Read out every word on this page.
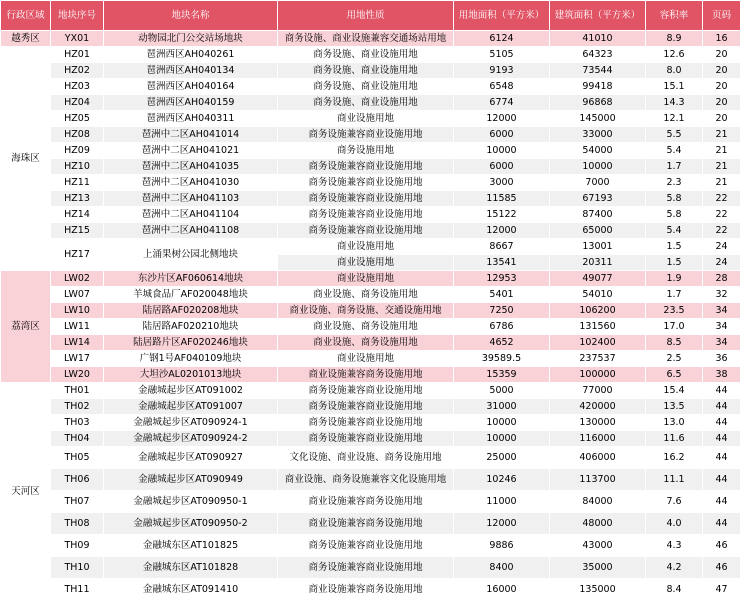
行政区域	地块序号	地块名称	用地性质	用地面积（平方米）	建筑面积（平方米）	容积率	页码
越秀区	YX01	动物园北门公交站场地块	商务设施、商业设施兼容交通场站用地	6124	41010	8.9	16
海珠区	HZ01	琶洲西区AH040261	商务设施、商业设施用地	5105	64323	12.6	20
	HZ02	琶洲西区AH040134	商务设施、商业设施用地	9193	73544	8.0	20
	HZ03	琶洲西区AH040164	商务设施、商业设施用地	6548	99418	15.1	20
	HZ04	琶洲西区AH040159	商务设施、商业设施用地	6774	96868	14.3	20
	HZ05	琶洲西区AH040311	商业设施用地	12000	145000	12.1	20
	HZ08	琶洲中二区AH041014	商务设施兼容商业设施用地	6000	33000	5.5	21
	HZ09	琶洲中二区AH041021	商务设施用地	10000	54000	5.4	21
	HZ10	琶洲中二区AH041035	商务设施兼容商业设施用地	6000	10000	1.7	21
	HZ11	琶洲中二区AH041030	商务设施兼容商业设施用地	3000	7000	2.3	21
	HZ13	琶洲中二区AH041103	商务设施兼容商业设施用地	11585	67193	5.8	22
	HZ14	琶洲中二区AH041104	商务设施兼容商业设施用地	15122	87400	5.8	22
	HZ15	琶洲中二区AH041108	商务设施兼容商业设施用地	12000	65000	5.4	22
	HZ17	上涌果树公园北侧地块	商业设施用地	8667	13001	1.5	24
			商业设施用地	13541	20311	1.5	24
荔湾区	LW02	东沙片区AF060614地块	商业设施用地	12953	49077	1.9	28
	LW07	羊城食品厂AF020048地块	商业设施、商务设施用地	5401	54010	1.7	32
	LW10	陆居路AF020208地块	商业设施、商务设施、交通设施用地	7250	106200	23.5	34
	LW11	陆居路AF020210地块	商业设施、商务设施用地	6786	131560	17.0	34
	LW14	陆居路片区AF020246地块	商业设施、商务设施用地	4652	102400	8.5	34
	LW17	广钢1号AF040109地块	商业设施用地	39589.5	237537	2.5	36
	LW20	大坦沙AL0201013地块	商业设施兼容商务设施用地	15359	100000	6.5	38
天河区	TH01	金融城起步区AT091002	商务设施兼容商业设施用地	5000	77000	15.4	44
	TH02	金融城起步区AT091007	商务设施兼容商业设施用地	31000	420000	13.5	44
	TH03	金融城起步区AT090924-1	商务设施兼容商业设施用地	10000	130000	13.0	44
	TH04	金融城起步区AT090924-2	商务设施兼容商业设施用地	10000	116000	11.6	44
	TH05	金融城起步区AT090927	文化设施、商业设施、商务设施用地	25000	406000	16.2	44
	TH06	金融城起步区AT090949	商业设施、商务设施兼容文化设施用地	10246	113700	11.1	44
	TH07	金融城起步区AT090950-1	商业设施兼容商务设施用地	11000	84000	7.6	44
	TH08	金融城起步区AT090950-2	商业设施兼容商务设施用地	12000	48000	4.0	44
	TH09	金融城东区AT101825	商务设施兼容商业设施用地	9886	43000	4.3	46
	TH10	金融城东区AT101828	商务设施兼容商业设施用地	8400	35000	4.2	46
	TH11	金融城东区AT091410	商业设施兼容商务设施用地	16000	135000	8.4	47
